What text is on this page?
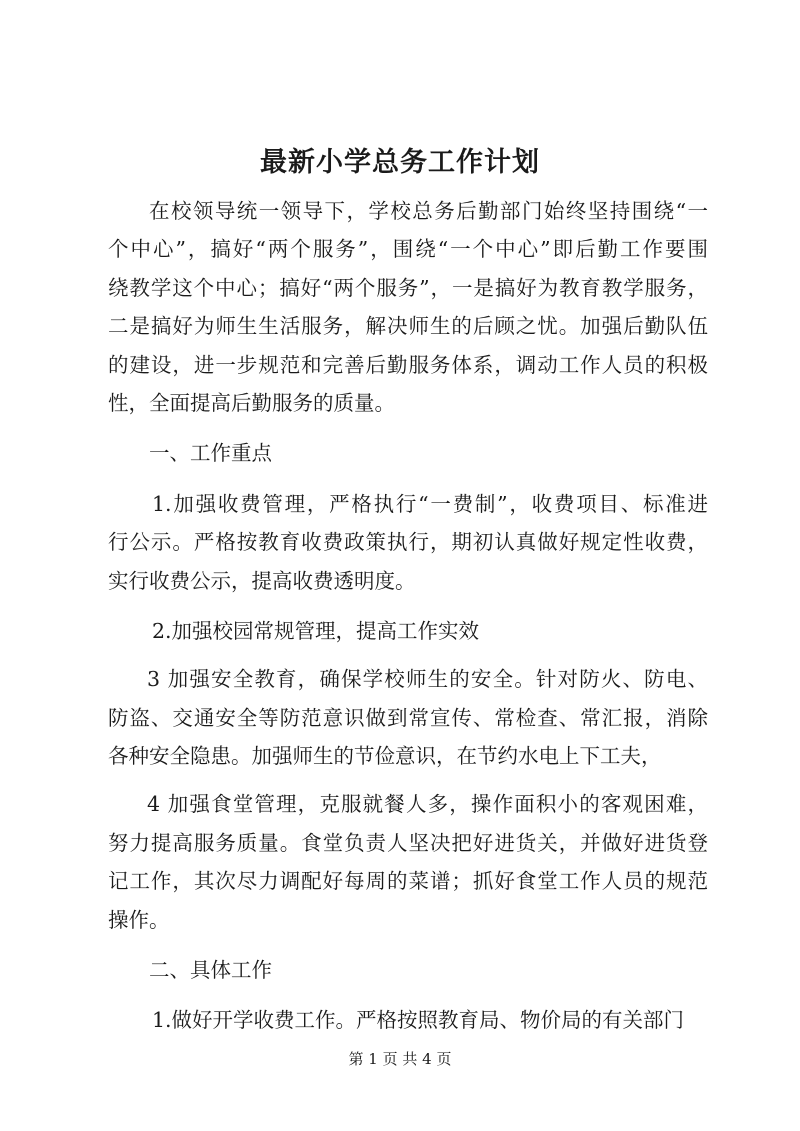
最新小学总务工作计划
在校领导统一领导下，学校总务后勤部门始终坚持围绕“一
个中心”，搞好“两个服务”，围绕“一个中心”即后勤工作要围
绕教学这个中心；搞好“两个服务”，一是搞好为教育教学服务，
二是搞好为师生生活服务，解决师生的后顾之忧。加强后勤队伍
的建设，进一步规范和完善后勤服务体系，调动工作人员的积极
性，全面提高后勤服务的质量。
一、工作重点
1.加强收费管理，严格执行“一费制”，收费项目、标准进
行公示。严格按教育收费政策执行，期初认真做好规定性收费，
实行收费公示，提高收费透明度。
2.加强校园常规管理，提高工作实效
3 加强安全教育，确保学校师生的安全。针对防火、防电、
防盗、交通安全等防范意识做到常宣传、常检查、常汇报，消除
各种安全隐患。加强师生的节俭意识，在节约水电上下工夫，
4 加强食堂管理，克服就餐人多，操作面积小的客观困难，
努力提高服务质量。食堂负责人坚决把好进货关，并做好进货登
记工作，其次尽力调配好每周的菜谱；抓好食堂工作人员的规范
操作。
二、具体工作
1.做好开学收费工作。严格按照教育局、物价局的有关部门
第 1 页 共 4 页
